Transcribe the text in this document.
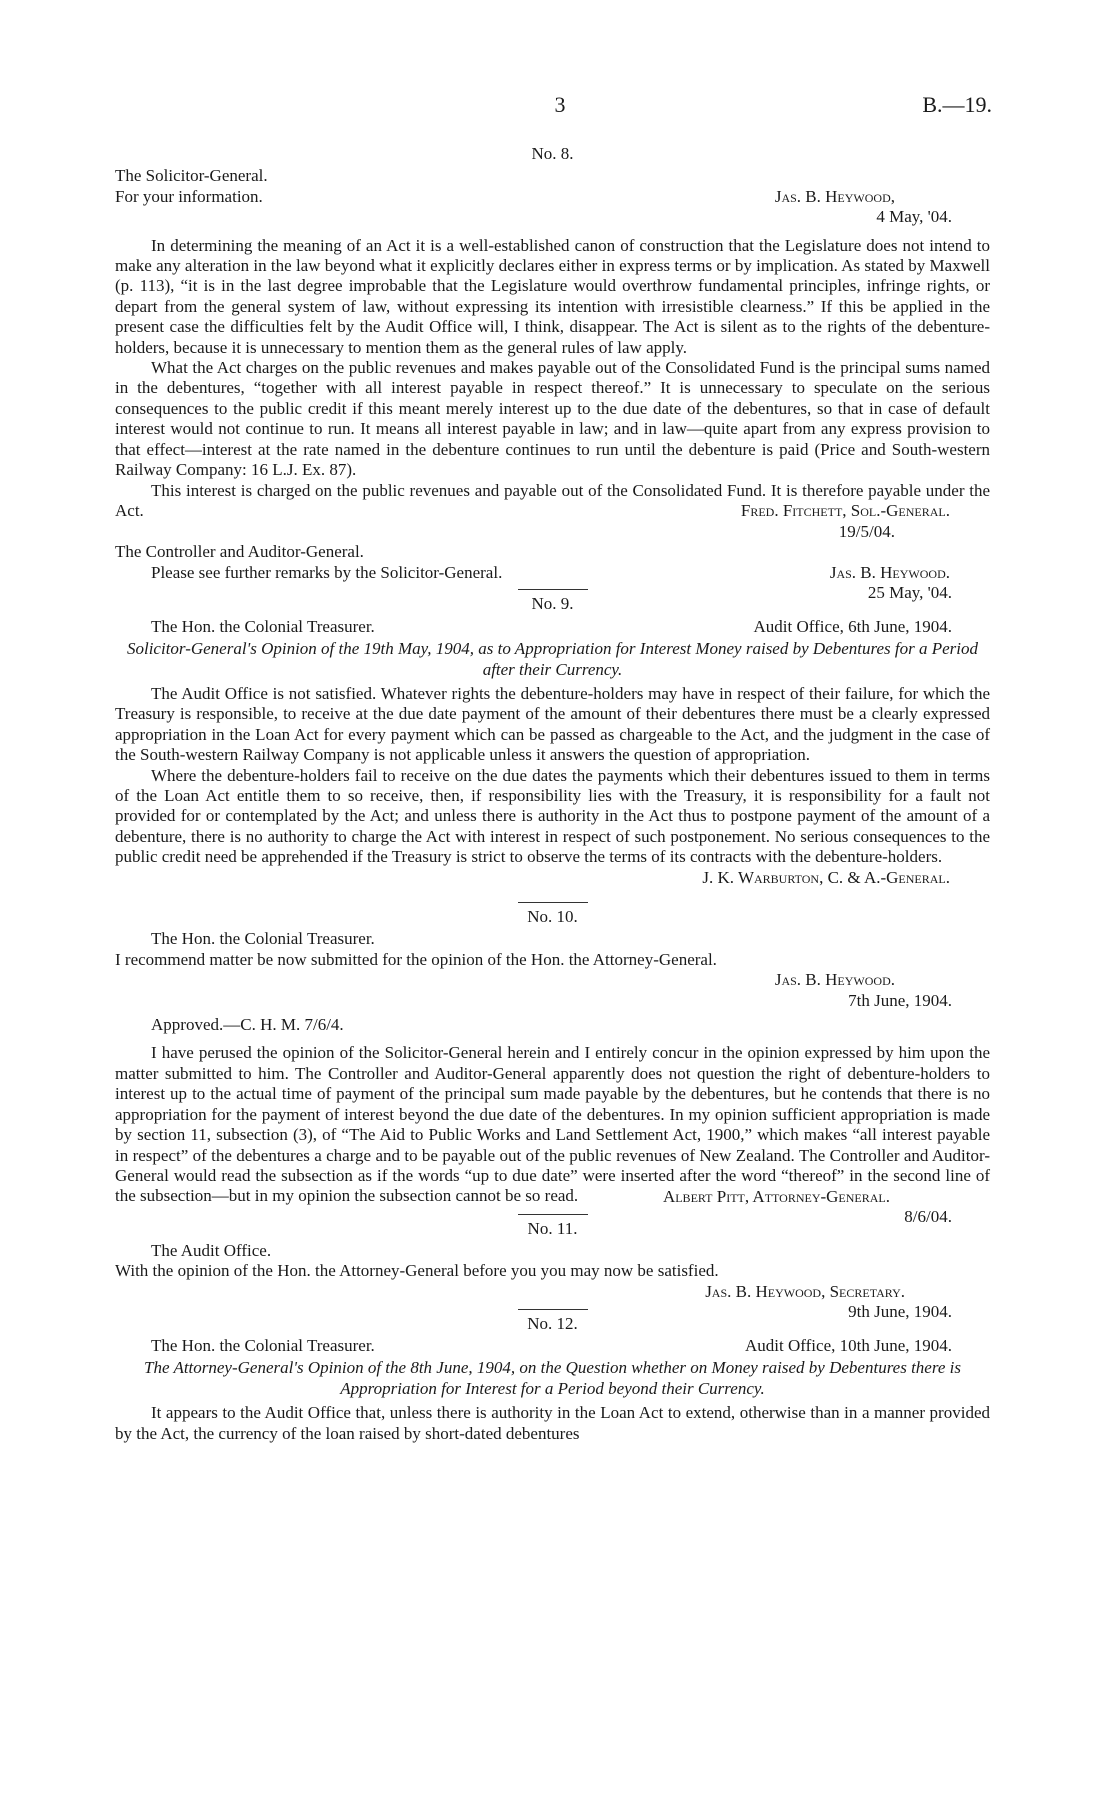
3	B.—19.
No. 8.
The Solicitor-General.
For your information.	Jas. B. Heywood,
4 May, '04.

In determining the meaning of an Act it is a well-established canon of construction that the Legislature does not intend to make any alteration in the law beyond what it explicitly declares either in express terms or by implication. As stated by Maxwell (p. 113), “it is in the last degree improbable that the Legislature would overthrow fundamental principles, infringe rights, or depart from the general system of law, without expressing its intention with irresistible clearness.” If this be applied in the present case the difficulties felt by the Audit Office will, I think, disappear. The Act is silent as to the rights of the debenture-holders, because it is unnecessary to mention them as the general rules of law apply.

What the Act charges on the public revenues and makes payable out of the Consolidated Fund is the principal sums named in the debentures, “together with all interest payable in respect thereof.” It is unnecessary to speculate on the serious consequences to the public credit if this meant merely interest up to the due date of the debentures, so that in case of default interest would not continue to run. It means all interest payable in law; and in law—quite apart from any express provision to that effect—interest at the rate named in the debenture continues to run until the debenture is paid (Price and South-western Railway Company: 16 L.J. Ex. 87).

This interest is charged on the public revenues and payable out of the Consolidated Fund. It is therefore payable under the Act.	Fred. Fitchett, Sol.-General.
19/5/04.
The Controller and Auditor-General.
Please see further remarks by the Solicitor-General.	Jas. B. Heywood.
25 May, '04.
No. 9.
The Hon. the Colonial Treasurer.	Audit Office, 6th June, 1904.
Solicitor-General's Opinion of the 19th May, 1904, as to Appropriation for Interest Money raised by Debentures for a Period after their Currency.

The Audit Office is not satisfied. Whatever rights the debenture-holders may have in respect of their failure, for which the Treasury is responsible, to receive at the due date payment of the amount of their debentures there must be a clearly expressed appropriation in the Loan Act for every payment which can be passed as chargeable to the Act, and the judgment in the case of the South-western Railway Company is not applicable unless it answers the question of appropriation.

Where the debenture-holders fail to receive on the due dates the payments which their debentures issued to them in terms of the Loan Act entitle them to so receive, then, if responsibility lies with the Treasury, it is responsibility for a fault not provided for or contemplated by the Act; and unless there is authority in the Act thus to postpone payment of the amount of a debenture, there is no authority to charge the Act with interest in respect of such postponement. No serious consequences to the public credit need be apprehended if the Treasury is strict to observe the terms of its contracts with the debenture-holders.

J. K. Warburton, C. & A.-General.
No. 10.
The Hon. the Colonial Treasurer.
I recommend matter be now submitted for the opinion of the Hon. the Attorney-General.
Jas. B. Heywood.
7th June, 1904.
Approved.—C. H. M. 7/6/4.

I have perused the opinion of the Solicitor-General herein and I entirely concur in the opinion expressed by him upon the matter submitted to him. The Controller and Auditor-General apparently does not question the right of debenture-holders to interest up to the actual time of payment of the principal sum made payable by the debentures, but he contends that there is no appropriation for the payment of interest beyond the due date of the debentures. In my opinion sufficient appropriation is made by section 11, subsection (3), of “The Aid to Public Works and Land Settlement Act, 1900,” which makes “all interest payable in respect” of the debentures a charge and to be payable out of the public revenues of New Zealand. The Controller and Auditor-General would read the subsection as if the words “up to due date” were inserted after the word “thereof” in the second line of the subsection—but in my opinion the subsection cannot be so read.	Albert Pitt, Attorney-General.
8/6/04.
No. 11.
The Audit Office.
With the opinion of the Hon. the Attorney-General before you you may now be satisfied.
Jas. B. Heywood, Secretary.
9th June, 1904.
No. 12.
The Hon. the Colonial Treasurer.	Audit Office, 10th June, 1904.
The Attorney-General's Opinion of the 8th June, 1904, on the Question whether on Money raised by Debentures there is Appropriation for Interest for a Period beyond their Currency.

It appears to the Audit Office that, unless there is authority in the Loan Act to extend, otherwise than in a manner provided by the Act, the currency of the loan raised by short-dated debentures
